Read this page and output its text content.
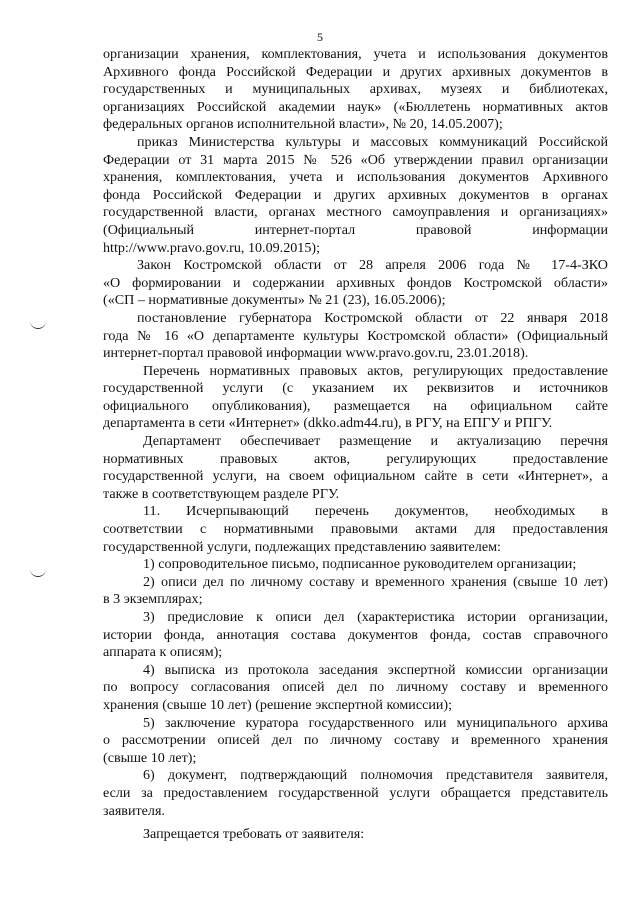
5
организации хранения, комплектования, учета и использования документов
Архивного фонда Российской Федерации и других архивных документов в
государственных и муниципальных архивах, музеях и библиотеках,
организациях Российской академии наук» («Бюллетень нормативных актов
федеральных органов исполнительной власти», № 20, 14.05.2007);
приказ Министерства культуры и массовых коммуникаций Российской
Федерации от 31 марта 2015 № 526 «Об утверждении правил организации
хранения, комплектования, учета и использования документов Архивного
фонда Российской Федерации и других архивных документов в органах
государственной власти, органах местного самоуправления и организациях»
(Официальный интернет-портал правовой информации
http://www.pravo.gov.ru, 10.09.2015);
Закон Костромской области от 28 апреля 2006 года № 17-4-ЗКО
«О формировании и содержании архивных фондов Костромской области»
(«СП – нормативные документы» № 21 (23), 16.05.2006);
постановление губернатора Костромской области от 22 января 2018
года № 16 «О департаменте культуры Костромской области» (Официальный
интернет-портал правовой информации www.pravo.gov.ru, 23.01.2018).
Перечень нормативных правовых актов, регулирующих предоставление
государственной услуги (с указанием их реквизитов и источников
официального опубликования), размещается на официальном сайте
департамента в сети «Интернет» (dkko.adm44.ru), в РГУ, на ЕПГУ и РПГУ.
Департамент обеспечивает размещение и актуализацию перечня
нормативных правовых актов, регулирующих предоставление
государственной услуги, на своем официальном сайте в сети «Интернет», а
также в соответствующем разделе РГУ.
11. Исчерпывающий перечень документов, необходимых в
соответствии с нормативными правовыми актами для предоставления
государственной услуги, подлежащих представлению заявителем:
1) сопроводительное письмо, подписанное руководителем организации;
2) описи дел по личному составу и временного хранения (свыше 10 лет)
в 3 экземплярах;
3) предисловие к описи дел (характеристика истории организации,
истории фонда, аннотация состава документов фонда, состав справочного
аппарата к описям);
4) выписка из протокола заседания экспертной комиссии организации
по вопросу согласования описей дел по личному составу и временного
хранения (свыше 10 лет) (решение экспертной комиссии);
5) заключение куратора государственного или муниципального архива
о рассмотрении описей дел по личному составу и временного хранения
(свыше 10 лет);
6) документ, подтверждающий полномочия представителя заявителя,
если за предоставлением государственной услуги обращается представитель
заявителя.
Запрещается требовать от заявителя:
